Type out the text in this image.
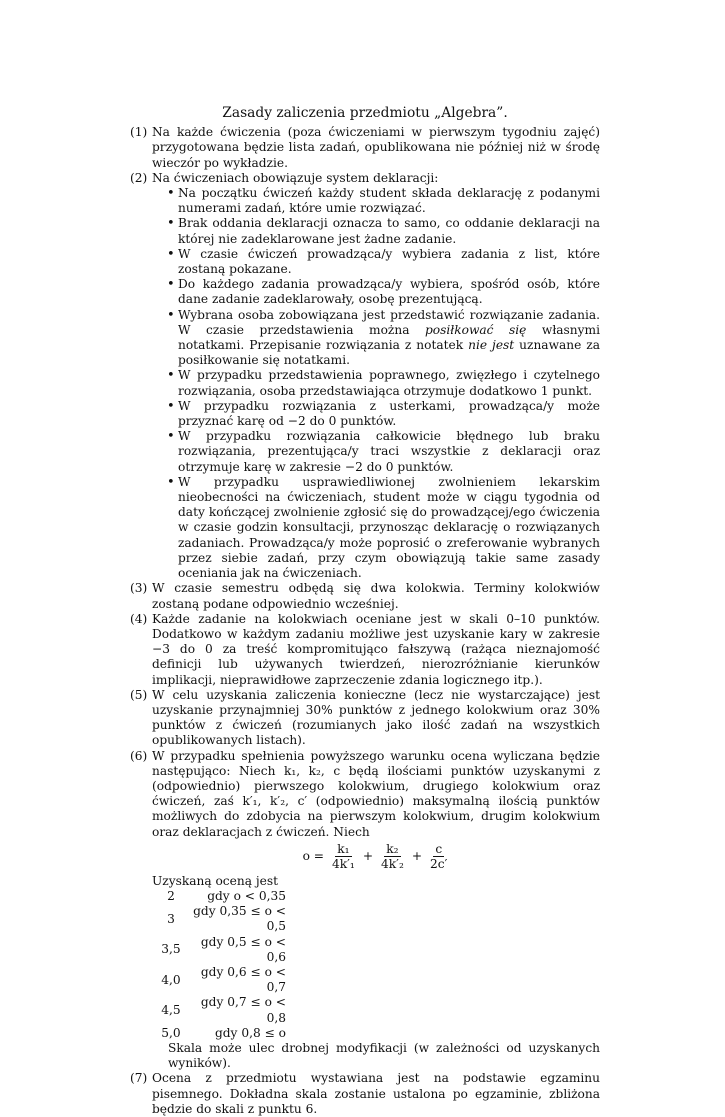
Zasady zaliczenia przedmiotu „Algebra”.
(1) Na każde ćwiczenia (poza ćwiczeniami w pierwszym tygodniu zajęć) przygotowana będzie lista zadań, opublikowana nie później niż w środę wieczór po wykładzie.
(2) Na ćwiczeniach obowiązuje system deklaracji:
• Na początku ćwiczeń każdy student składa deklarację z podanymi numerami zadań, które umie rozwiązać.
• Brak oddania deklaracji oznacza to samo, co oddanie deklaracji na której nie zadeklarowane jest żadne zadanie.
• W czasie ćwiczeń prowadząca/y wybiera zadania z list, które zostaną pokazane.
• Do każdego zadania prowadząca/y wybiera, spośród osób, które dane zadanie zadeklarowały, osobę prezentującą.
• Wybrana osoba zobowiązana jest przedstawić rozwiązanie zadania. W czasie przedstawienia można posiłkować się własnymi notatkami. Przepisanie rozwiązania z notatek nie jest uznawane za posiłkowanie się notatkami.
• W przypadku przedstawienia poprawnego, zwięzłego i czytelnego rozwiązania, osoba przedstawiająca otrzymuje dodatkowo 1 punkt.
• W przypadku rozwiązania z usterkami, prowadząca/y może przyznać karę od −2 do 0 punktów.
• W przypadku rozwiązania całkowicie błędnego lub braku rozwiązania, prezentująca/y traci wszystkie z deklaracji oraz otrzymuje karę w zakresie −2 do 0 punktów.
• W przypadku usprawiedliwionej zwolnieniem lekarskim nieobecności na ćwiczeniach, student może w ciągu tygodnia od daty kończącej zwolnienie zgłosić się do prowadzącej/ego ćwiczenia w czasie godzin konsultacji, przynosząc deklarację o rozwiązanych zadaniach. Prowadząca/y może poprosić o zreferowanie wybranych przez siebie zadań, przy czym obowiązują takie same zasady oceniania jak na ćwiczeniach.
(3) W czasie semestru odbędą się dwa kolokwia. Terminy kolokwiów zostaną podane odpowiednio wcześniej.
(4) Każde zadanie na kolokwiach oceniane jest w skali 0–10 punktów. Dodatkowo w każdym zadaniu możliwe jest uzyskanie kary w zakresie −3 do 0 za treść kompromitująco fałszywą (rażąca nieznajomość definicji lub używanych twierdzeń, nierozróżnianie kierunków implikacji, nieprawidłowe zaprzeczenie zdania logicznego itp.).
(5) W celu uzyskania zaliczenia konieczne (lecz nie wystarczające) jest uzyskanie przynajmniej 30% punktów z jednego kolokwium oraz 30% punktów z ćwiczeń (rozumianych jako ilość zadań na wszystkich opublikowanych listach).
(6) W przypadku spełnienia powyższego warunku ocena wyliczana będzie następująco: Niech k₁, k₂, c będą ilościami punktów uzyskanymi z (odpowiednio) pierwszego kolokwium, drugiego kolokwium oraz ćwiczeń, zaś k′₁, k′₂, c′ (odpowiednio) maksymalną ilością punktów możliwych do zdobycia na pierwszym kolokwium, drugim kolokwium oraz deklaracjach z ćwiczeń. Niech
$o = \frac{\text{k₁}}{\text{4k′₁}} + \frac{\text{k₂}}{\text{4k′₂}} + \frac{c}{2c'}$
Uzyskaną oceną jest
2	gdy o < 0,35
3	gdy 0,35 ≤ o < 0,5
3,5	gdy 0,5 ≤ o < 0,6
4,0	gdy 0,6 ≤ o < 0,7
4,5	gdy 0,7 ≤ o < 0,8
5,0	gdy 0,8 ≤ o
Skala może ulec drobnej modyfikacji (w zależności od uzyskanych wyników).
(7) Ocena z przedmiotu wystawiana jest na podstawie egzaminu pisemnego. Dokładna skala zostanie ustalona po egzaminie, zbliżona będzie do skali z punktu 6.
